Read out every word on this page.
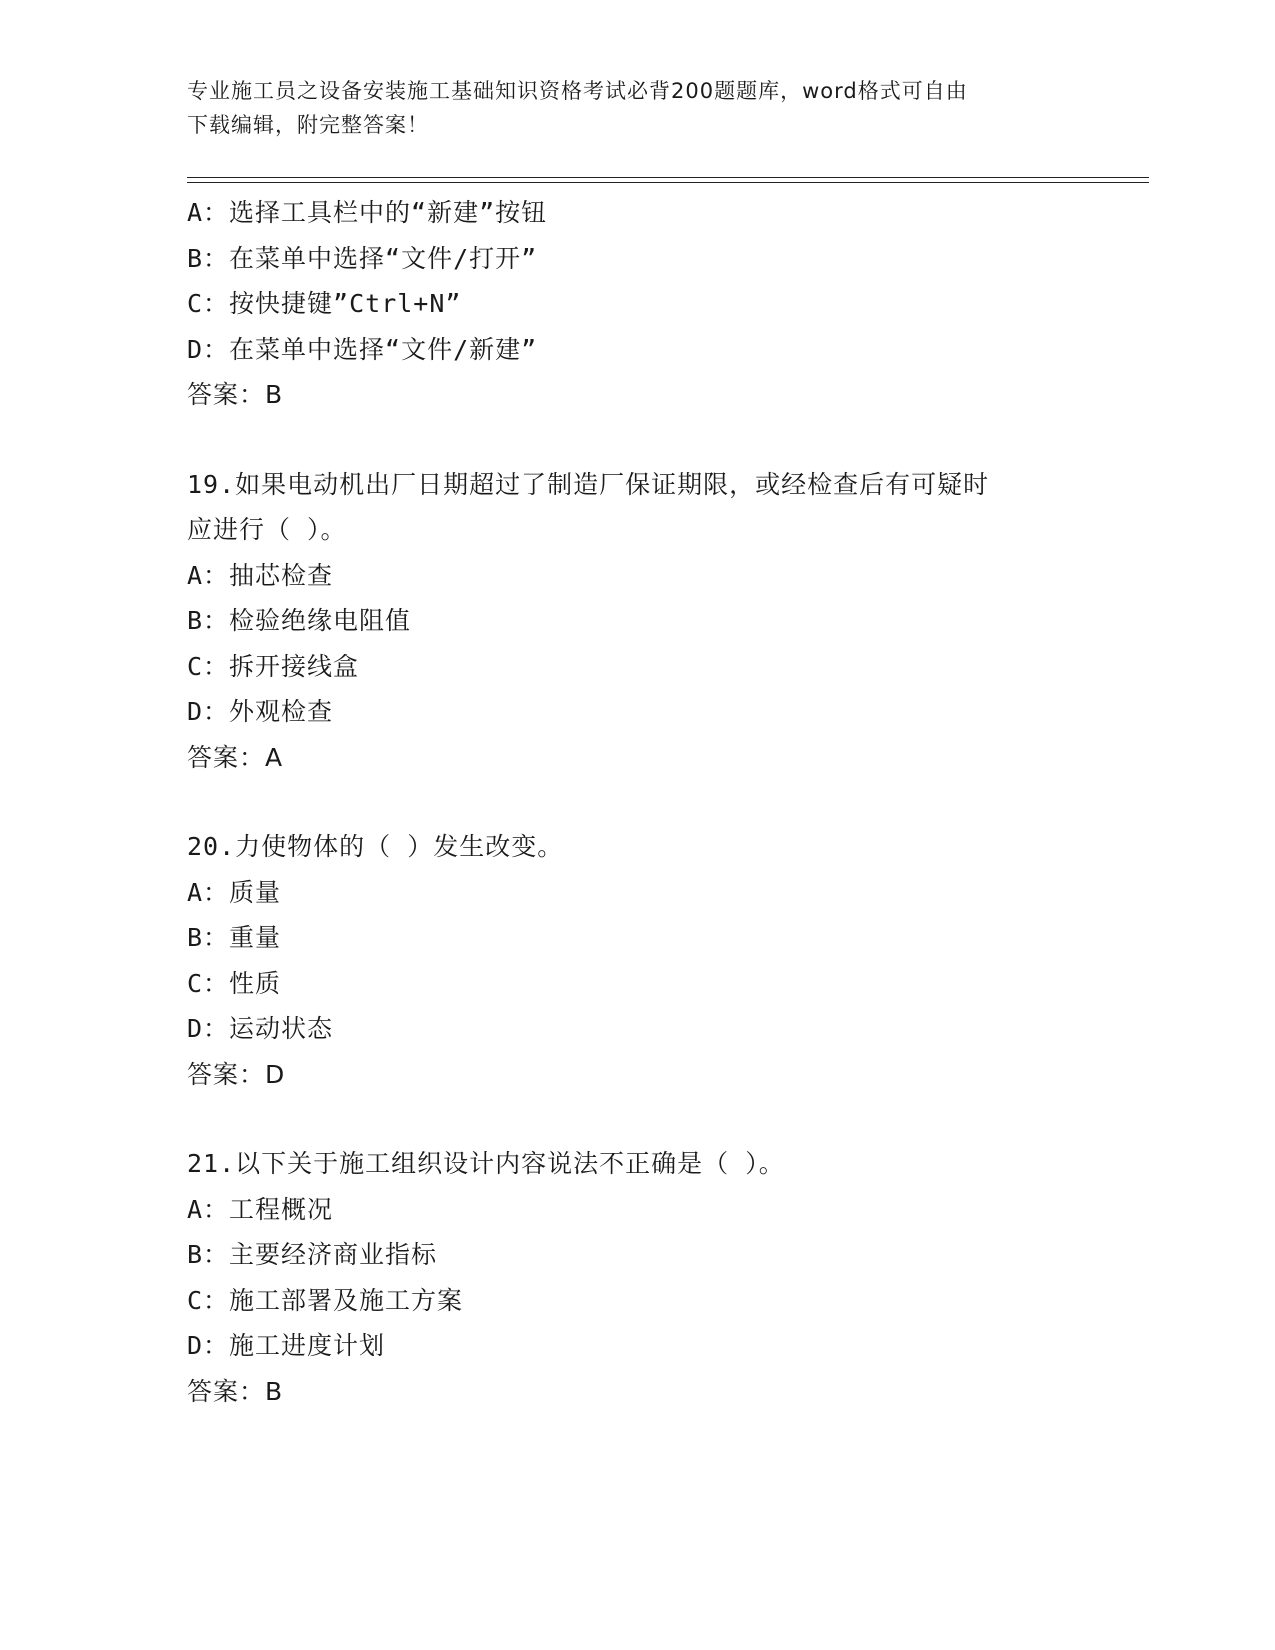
专业施工员之设备安装施工基础知识资格考试必背200题题库，word格式可自由
下载编辑，附完整答案！
A：选择工具栏中的“新建”按钮
B：在菜单中选择“文件/打开”
C：按快捷键”Ctrl+N”
D：在菜单中选择“文件/新建”
答案：B
19.如果电动机出厂日期超过了制造厂保证期限，或经检查后有可疑时
应进行（ ）。
A：抽芯检查
B：检验绝缘电阻值
C：拆开接线盒
D：外观检查
答案：A
20.力使物体的（ ）发生改变。
A：质量
B：重量
C：性质
D：运动状态
答案：D
21.以下关于施工组织设计内容说法不正确是（ ）。
A：工程概况
B：主要经济商业指标
C：施工部署及施工方案
D：施工进度计划
答案：B
